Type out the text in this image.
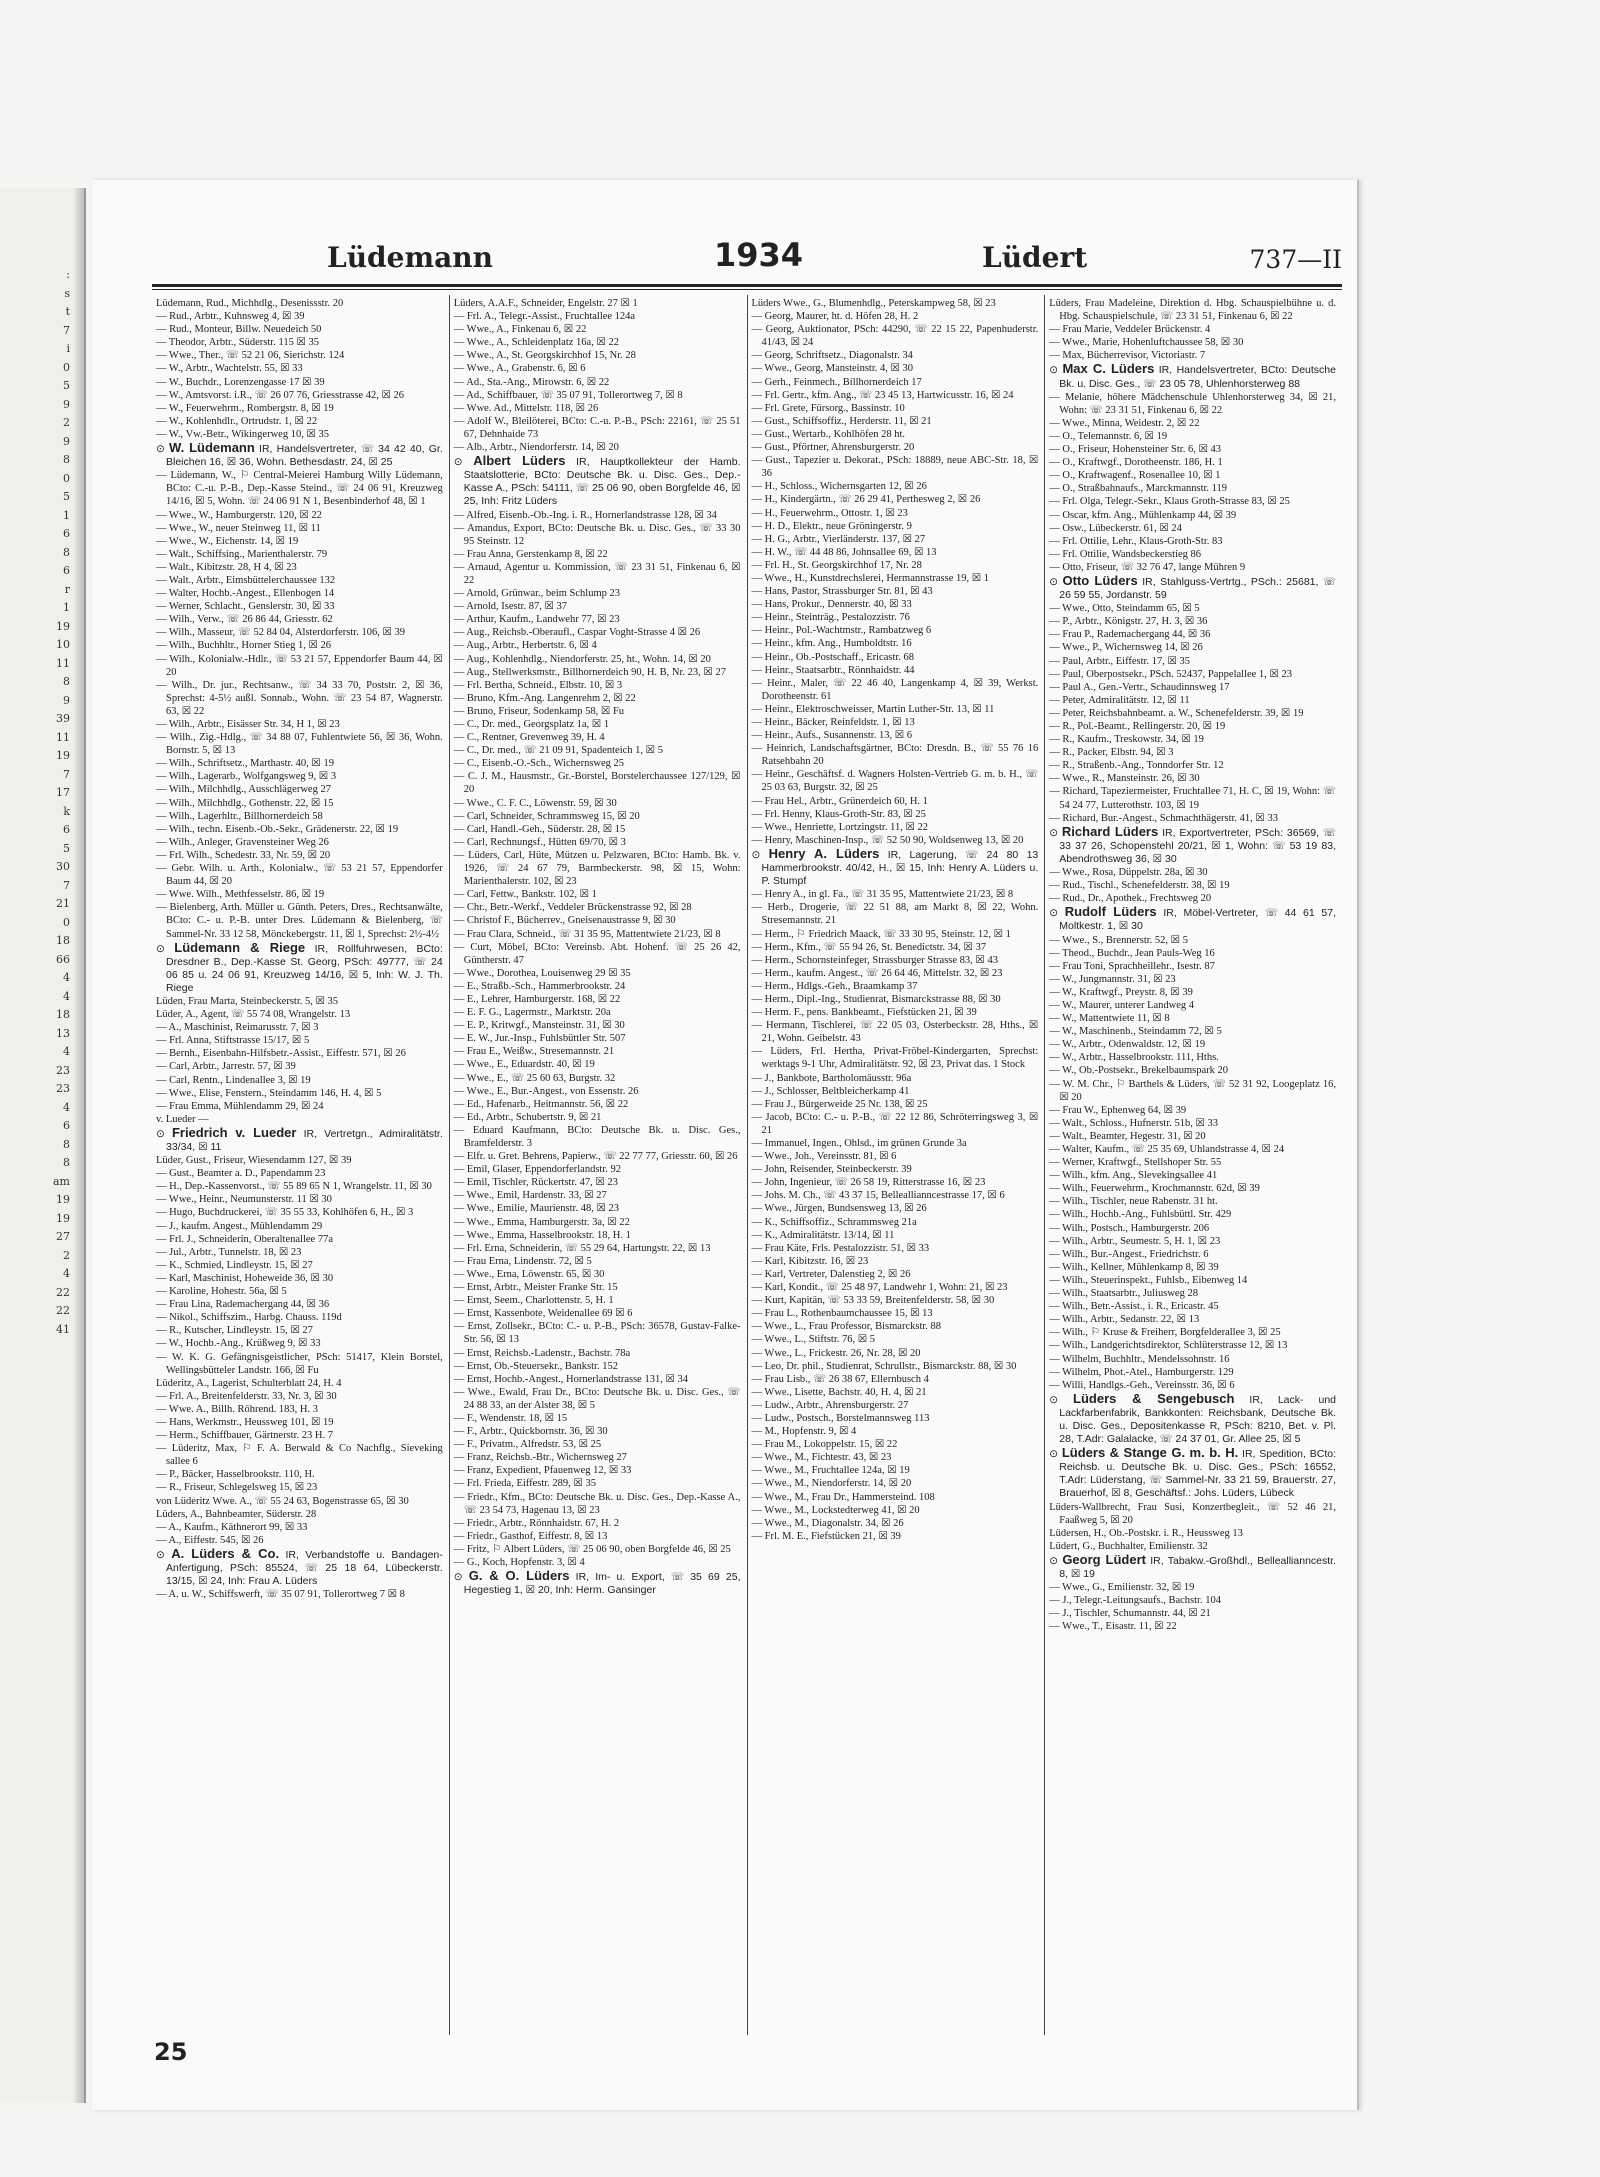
:
s
t
7
i
0
5
9
2
9
8
0
5
1
6
8
6
r
1
19
10
11
8
9
39
11
19
7
17
k
6
5
30
7
21
0
18
66
4
4
18
13
4
23
23
4
6
8
8
am
19
19
27
2
4
22
22
41
Lüdemann	1934	Lüdert	737—II

Lüdemann, Rud., Michhdlg., Desenissstr. 20

— Rud., Arbtr., Kuhnsweg 4, ☒ 39

— Rud., Monteur, Billw. Neuedeich 50

— Theodor, Arbtr., Süderstr. 115 ☒ 35

— Wwe., Ther., ☏ 52 21 06, Sierichstr. 124

— W., Arbtr., Wachtelstr. 55, ☒ 33

— W., Buchdr., Lorenzengasse 17 ☒ 39

— W., Amtsvorst. i.R., ☏ 26 07 76, Griesstrasse 42, ☒ 26

— W., Feuerwehrm., Rombergstr. 8, ☒ 19

— W., Kohlenhdlr., Ortrudstr. 1, ☒ 22

— W., Vw.-Betr., Wikingerweg 10, ☒ 35

⊙ W. Lüdemann IR, Handelsvertreter, ☏ 34 42 40, Gr. Bleichen 16, ☒ 36, Wohn. Bethesdastr. 24, ☒ 25

— Lüdemann, W., ⚐ Central-Meierei Hamburg Willy Lüdemann, BCto: C.-u. P.-B., Dep.-Kasse Steind., ☏ 24 06 91, Kreuzweg 14/16, ☒ 5, Wohn. ☏ 24 06 91 N 1, Besenbinderhof 48, ☒ 1

— Wwe., W., Hamburgerstr. 120, ☒ 22

— Wwe., W., neuer Steinweg 11, ☒ 11

— Wwe., W., Eichenstr. 14, ☒ 19

— Walt., Schiffsing., Marienthalerstr. 79

— Walt., Kibitzstr. 28, H 4, ☒ 23

— Walt., Arbtr., Eimsbüttelerchaussee 132

— Walter, Hochb.-Angest., Ellenbogen 14

— Werner, Schlacht., Genslerstr. 30, ☒ 33

— Wilh., Verw., ☏ 26 86 44, Griesstr. 62

— Wilh., Masseur, ☏ 52 84 04, Alsterdorferstr. 106, ☒ 39

— Wilh., Buchhltr., Horner Stieg 1, ☒ 26

— Wilh., Kolonialw.-Hdlr., ☏ 53 21 57, Eppendorfer Baum 44, ☒ 20

— Wilh., Dr. jur., Rechtsanw., ☏ 34 33 70, Poststr. 2, ☒ 36, Sprechst: 4-5½ außl. Sonnab., Wohn. ☏ 23 54 87, Wagnerstr. 63, ☒ 22

— Wilh., Arbtr., Eisässer Str. 34, H 1, ☒ 23

— Wilh., Zig.-Hdlg., ☏ 34 88 07, Fuhlentwiete 56, ☒ 36, Wohn. Bornstr. 5, ☒ 13

— Wilh., Schriftsetz., Marthastr. 40, ☒ 19

— Wilh., Lagerarb., Wolfgangsweg 9, ☒ 3

— Wilh., Milchhdlg., Ausschlägerweg 27

— Wilh., Milchhdlg., Gothenstr. 22, ☒ 15

— Wilh., Lagerhltr., Billhornerdeich 58

— Wilh., techn. Eisenb.-Ob.-Sekr., Grädenerstr. 22, ☒ 19

— Wilh., Anleger, Gravensteiner Weg 26

— Frl. Wilh., Schedestr. 33, Nr. 59, ☒ 20

— Gebr. Wilh. u. Arth., Kolonialw., ☏ 53 21 57, Eppendorfer Baum 44, ☒ 20

— Wwe. Wilh., Methfesselstr. 86, ☒ 19

— Bielenberg, Arth. Müller u. Günth. Peters, Dres., Rechtsanwälte, BCto: C.- u. P.-B. unter Dres. Lüdemann & Bielenberg, ☏ Sammel-Nr. 33 12 58, Mönckebergstr. 11, ☒ 1, Sprechst: 2½-4½

⊙ Lüdemann & Riege IR, Rollfuhrwesen, BCto: Dresdner B., Dep.-Kasse St. Georg, PSch: 49777, ☏ 24 06 85 u. 24 06 91, Kreuzweg 14/16, ☒ 5, Inh: W. J. Th. Riege

Lüden, Frau Marta, Steinbeckerstr. 5, ☒ 35

Lüder, A., Agent, ☏ 55 74 08, Wrangelstr. 13

— A., Maschinist, Reimarusstr. 7, ☒ 3

— Frl. Anna, Stiftstrasse 15/17, ☒ 5

— Bernh., Eisenbahn-Hilfsbetr.-Assist., Eiffestr. 571, ☒ 26

— Carl, Arbtr., Jarrestr. 57, ☒ 39

— Carl, Rentn., Lindenallee 3, ☒ 19

— Wwe., Elise, Fenstern., Steindamm 146, H. 4, ☒ 5

— Frau Emma, Mühlendamm 29, ☒ 24

v. Lueder —

⊙ Friedrich v. Lueder IR, Vertretgn., Admiralitätstr. 33/34, ☒ 11

Lüder, Gust., Friseur, Wiesendamm 127, ☒ 39

— Gust., Beamter a. D., Papendamm 23

— H., Dep.-Kassenvorst., ☏ 55 89 65 N 1, Wrangelstr. 11, ☒ 30

— Wwe., Heinr., Neumunsterstr. 11 ☒ 30

— Hugo, Buchdruckerei, ☏ 35 55 33, Kohlhöfen 6, H., ☒ 3

— J., kaufm. Angest., Mühlendamm 29

— Frl. J., Schneiderin, Oberaltenallee 77a

— Jul., Arbtr., Tunnelstr. 18, ☒ 23

— K., Schmied, Lindleystr. 15, ☒ 27

— Karl, Maschinist, Hoheweide 36, ☒ 30

— Karoline, Hohestr. 56a, ☒ 5

— Frau Lina, Rademachergang 44, ☒ 36

— Nikol., Schiffszim., Harbg. Chauss. 119d

— R., Kutscher, Lindleystr. 15, ☒ 27

— W., Hochb.-Ang., Krüßweg 9, ☒ 33

— W. K. G. Gefängnisgeistlicher, PSch: 51417, Klein Borstel, Wellingsbütteler Landstr. 166, ☒ Fu

Lüderitz, A., Lagerist, Schulterblatt 24, H. 4

— Frl. A., Breitenfelderstr. 33, Nr. 3, ☒ 30

— Wwe. A., Billh. Röhrend. 183, H. 3

— Hans, Werkmstr., Heussweg 101, ☒ 19

— Herm., Schiffbauer, Gärtnerstr. 23 H. 7

— Lüderitz, Max, ⚐ F. A. Berwald & Co Nachflg., Sieveking sallee 6

— P., Bäcker, Hasselbrookstr. 110, H.

— R., Friseur, Schlegelsweg 15, ☒ 23

von Lüderitz Wwe. A., ☏ 55 24 63, Bogenstrasse 65, ☒ 30

Lüders, A., Bahnbeamter, Süderstr. 28

— A., Kaufm., Käthnerort 99, ☒ 33

— A., Eiffestr. 545, ☒ 26

⊙ A. Lüders & Co. IR, Verbandstoffe u. Bandagen-Anfertigung, PSch: 85524, ☏ 25 18 64, Lübeckerstr. 13/15, ☒ 24, Inh: Frau A. Lüders

— A. u. W., Schiffswerft, ☏ 35 07 91, Tollerortweg 7 ☒ 8

Lüders, A.A.F., Schneider, Engelstr. 27 ☒ 1

— Frl. A., Telegr.-Assist., Fruchtallee 124a

— Wwe., A., Finkenau 6, ☒ 22

— Wwe., A., Schleidenplatz 16a, ☒ 22

— Wwe., A., St. Georgskirchhof 15, Nr. 28

— Wwe., A., Grabenstr. 6, ☒ 6

— Ad., Sta.-Ang., Mirowstr. 6, ☒ 22

— Ad., Schiffbauer, ☏ 35 07 91, Tollerortweg 7, ☒ 8

— Wwe. Ad., Mittelstr. 118, ☒ 26

— Adolf W., Bleilöterei, BCto: C.-u. P.-B., PSch: 22161, ☏ 25 51 67, Dehnhaide 73

— Alb., Arbtr., Niendorferstr. 14, ☒ 20

⊙ Albert Lüders IR, Hauptkollekteur der Hamb. Staatslotterie, BCto: Deutsche Bk. u. Disc. Ges., Dep.-Kasse A., PSch: 54111, ☏ 25 06 90, oben Borgfelde 46, ☒ 25, Inh: Fritz Lüders

— Alfred, Eisenb.-Ob.-Ing. i. R., Hornerlandstrasse 128, ☒ 34

— Amandus, Export, BCto: Deutsche Bk. u. Disc. Ges., ☏ 33 30 95 Steinstr. 12

— Frau Anna, Gerstenkamp 8, ☒ 22

— Arnaud, Agentur u. Kommission, ☏ 23 31 51, Finkenau 6, ☒ 22

— Arnold, Grünwar., beim Schlump 23

— Arnold, Isestr. 87, ☒ 37

— Arthur, Kaufm., Landwehr 77, ☒ 23

— Aug., Reichsb.-Oberaufl., Caspar Voght-Strasse 4 ☒ 26

— Aug., Arbtr., Herbertstr. 6, ☒ 4

— Aug., Kohlenhdlg., Niendorferstr. 25, ht., Wohn. 14, ☒ 20

— Aug., Stellwerksmstr., Billhornerdeich 90, H. B, Nr. 23, ☒ 27

— Frl. Bertha, Schneid., Elbstr. 10, ☒ 3

— Bruno, Kfm.-Ang. Langenrehm 2, ☒ 22

— Bruno, Friseur, Sodenkamp 58, ☒ Fu

— C., Dr. med., Georgsplatz 1a, ☒ 1

— C., Rentner, Grevenweg 39, H. 4

— C., Dr. med., ☏ 21 09 91, Spadenteich 1, ☒ 5

— C., Eisenb.-O.-Sch., Wichernsweg 25

— C. J. M., Hausmstr., Gr.-Borstel, Borstelerchaussee 127/129, ☒ 20

— Wwe., C. F. C., Löwenstr. 59, ☒ 30

— Carl, Schneider, Schrammsweg 15, ☒ 20

— Carl, Handl.-Geh., Süderstr. 28, ☒ 15

— Carl, Rechnungsf., Hütten 69/70, ☒ 3

— Lüders, Carl, Hüte, Mützen u. Pelzwaren, BCto: Hamb. Bk. v. 1926, ☏ 24 67 79, Barmbeckerstr. 98, ☒ 15, Wohn: Marienthalerstr. 102, ☒ 23

— Carl, Fettw., Bankstr. 102, ☒ 1

— Chr., Betr.-Werkf., Veddeler Brückenstrasse 92, ☒ 28

— Christof F., Bücherrev., Gneisenaustrasse 9, ☒ 30

— Frau Clara, Schneid., ☏ 31 35 95, Mattentwiete 21/23, ☒ 8

— Curt, Möbel, BCto: Vereinsb. Abt. Hohenf. ☏ 25 26 42, Güntherstr. 47

— Wwe., Dorothea, Louisenweg 29 ☒ 35

— E., Straßb.-Sch., Hammerbrookstr. 24

— E., Lehrer, Hamburgerstr. 168, ☒ 22

— E. F. G., Lagermstr., Marktstr. 20a

— E. P., Kritwgf., Mansteinstr. 31, ☒ 30

— E. W., Jur.-Insp., Fuhlsbüttler Str. 507

— Frau E., Weißw., Stresemannstr. 21

— Wwe., E., Eduardstr. 40, ☒ 19

— Wwe., E., ☏ 25 60 63, Burgstr. 32

— Wwe., E., Bur.-Angest., von Essenstr. 26

— Ed., Hafenarb., Heitmannstr. 56, ☒ 22

— Ed., Arbtr., Schubertstr. 9, ☒ 21

— Eduard Kaufmann, BCto: Deutsche Bk. u. Disc. Ges., Bramfelderstr. 3

— Elfr. u. Gret. Behrens, Papierw., ☏ 22 77 77, Griesstr. 60, ☒ 26

— Emil, Glaser, Eppendorferlandstr. 92

— Emil, Tischler, Rückertstr. 47, ☒ 23

— Wwe., Emil, Hardenstr. 33, ☒ 27

— Wwe., Emilie, Maurienstr. 48, ☒ 23

— Wwe., Emma, Hamburgerstr. 3a, ☒ 22

— Wwe., Emma, Hasselbrookstr. 18, H. 1

— Frl. Erna, Schneiderin, ☏ 55 29 64, Hartungstr. 22, ☒ 13

— Frau Erna, Lindenstr. 72, ☒ 5

— Wwe., Erna, Löwenstr. 65, ☒ 30

— Ernst, Arbtr., Meister Franke Str. 15

— Ernst, Seem., Charlottenstr. 5, H. 1

— Ernst, Kassenbote, Weidenallee 69 ☒ 6

— Ernst, Zollsekr., BCto: C.- u. P.-B., PSch: 36578, Gustav-Falke-Str. 56, ☒ 13

— Ernst, Reichsb.-Ladenstr., Bachstr. 78a

— Ernst, Ob.-Steuersekr., Bankstr. 152

— Ernst, Hochb.-Angest., Hornerlandstrasse 131, ☒ 34

— Wwe., Ewald, Frau Dr., BCto: Deutsche Bk. u. Disc. Ges., ☏ 24 88 33, an der Alster 38, ☒ 5

— F., Wendenstr. 18, ☒ 15

— F., Arbtr., Quickbornstr. 36, ☒ 30

— F., Privatm., Alfredstr. 53, ☒ 25

— Franz, Reichsb.-Btr., Wichernsweg 27

— Franz, Expedient, Pfauenweg 12, ☒ 33

— Frl. Frieda, Eiffestr. 289, ☒ 35

— Friedr., Kfm., BCto: Deutsche Bk. u. Disc. Ges., Dep.-Kasse A., ☏ 23 54 73, Hagenau 13, ☒ 23

— Friedr., Arbtr., Rönnhaidstr. 67, H. 2

— Friedr., Gasthof, Eiffestr. 8, ☒ 13

— Fritz, ⚐ Albert Lüders, ☏ 25 06 90, oben Borgfelde 46, ☒ 25

— G., Koch, Hopfenstr. 3, ☒ 4

⊙ G. & O. Lüders IR, Im- u. Export, ☏ 35 69 25, Hegestieg 1, ☒ 20, Inh: Herm. Gansinger

Lüders Wwe., G., Blumenhdlg., Peterskampweg 58, ☒ 23

— Georg, Maurer, ht. d. Höfen 28, H. 2

— Georg, Auktionator, PSch: 44290, ☏ 22 15 22, Papenhuderstr. 41/43, ☒ 24

— Georg, Schriftsetz., Diagonalstr. 34

— Wwe., Georg, Mansteinstr. 4, ☒ 30

— Gerh., Feinmech., Billhornerdeich 17

— Frl. Gertr., kfm. Ang., ☏ 23 45 13, Hartwicusstr. 16, ☒ 24

— Frl. Grete, Fürsorg., Bassinstr. 10

— Gust., Schiffsoffiz., Herderstr. 11, ☒ 21

— Gust., Wertarb., Kohlhöfen 28 ht.

— Gust., Pförtner, Ahrensburgerstr. 20

— Gust., Tapezier u. Dekorat., PSch: 18889, neue ABC-Str. 18, ☒ 36

— H., Schloss., Wichernsgarten 12, ☒ 26

— H., Kindergärtn., ☏ 26 29 41, Perthesweg 2, ☒ 26

— H., Feuerwehrm., Ottostr. 1, ☒ 23

— H. D., Elektr., neue Gröningerstr. 9

— H. G., Arbtr., Vierländerstr. 137, ☒ 27

— H. W., ☏ 44 48 86, Johnsallee 69, ☒ 13

— Frl. H., St. Georgskirchhof 17, Nr. 28

— Wwe., H., Kunstdrechslerei, Hermannstrasse 19, ☒ 1

— Hans, Pastor, Strassburger Str. 81, ☒ 43

— Hans, Prokur., Dennerstr. 40, ☒ 33

— Heinr., Steinträg., Pestalozzistr. 76

— Heinr., Pol.-Wachtmstr., Rambatzweg 6

— Heinr., kfm. Ang., Humboldtstr. 16

— Heinr., Ob.-Postschaff., Ericastr. 68

— Heinr., Staatsarbtr., Rönnhaidstr. 44

— Heinr., Maler, ☏ 22 46 40, Langenkamp 4, ☒ 39, Werkst. Dorotheenstr. 61

— Heinr., Elektroschweisser, Martin Luther-Str. 13, ☒ 11

— Heinr., Bäcker, Reinfeldstr. 1, ☒ 13

— Heinr., Aufs., Susannenstr. 13, ☒ 6

— Heinrich, Landschaftsgärtner, BCto: Dresdn. B., ☏ 55 76 16 Ratsehbahn 20

— Heinr., Geschäftsf. d. Wagners Holsten-Vertrieb G. m. b. H., ☏ 25 03 63, Burgstr. 32, ☒ 25

— Frau Hel., Arbtr., Grünerdeich 60, H. 1

— Frl. Henny, Klaus-Groth-Str. 83, ☒ 25

— Wwe., Henriette, Lortzingstr. 11, ☒ 22

— Henry, Maschinen-Insp., ☏ 52 50 90, Woldsenweg 13, ☒ 20

⊙ Henry A. Lüders IR, Lagerung, ☏ 24 80 13 Hammerbrookstr. 40/42, H., ☒ 15, Inh: Henry A. Lüders u. P. Stumpf

— Henry A., in gl. Fa., ☏ 31 35 95, Mattentwiete 21/23, ☒ 8

— Herb., Drogerie, ☏ 22 51 88, am Markt 8, ☒ 22, Wohn. Stresemannstr. 21

— Herm., ⚐ Friedrich Maack, ☏ 33 30 95, Steinstr. 12, ☒ 1

— Herm., Kfm., ☏ 55 94 26, St. Benedictstr. 34, ☒ 37

— Herm., Schornsteinfeger, Strassburger Strasse 83, ☒ 43

— Herm., kaufm. Angest., ☏ 26 64 46, Mittelstr. 32, ☒ 23

— Herm., Hdlgs.-Geh., Braamkamp 37

— Herm., Dipl.-Ing., Studienrat, Bismarckstrasse 88, ☒ 30

— Herm. F., pens. Bankbeamt., Fiefstücken 21, ☒ 39

— Hermann, Tischlerei, ☏ 22 05 03, Osterbeckstr. 28, Hths., ☒ 21, Wohn. Geibelstr. 43

— Lüders, Frl. Hertha, Privat-Fröbel-Kindergarten, Sprechst: werktags 9-1 Uhr, Admiralitätstr. 92, ☒ 23, Privat das. 1 Stock

— J., Bankbote, Bartholomäusstr. 96a

— J., Schlosser, Beltbleicherkamp 41

— Frau J., Bürgerweide 25 Nr. 138, ☒ 25

— Jacob, BCto: C.- u. P.-B., ☏ 22 12 86, Schröterringsweg 3, ☒ 21

— Immanuel, Ingen., Ohlsd., im grünen Grunde 3a

— Wwe., Joh., Vereinsstr. 81, ☒ 6

— John, Reisender, Steinbeckerstr. 39

— John, Ingenieur, ☏ 26 58 19, Ritterstrasse 16, ☒ 23

— Johs. M. Ch., ☏ 43 37 15, Belleallianncestrasse 17, ☒ 6

— Wwe., Jürgen, Bundsensweg 13, ☒ 26

— K., Schiffsoffiz., Schrammsweg 21a

— K., Admiralitätstr. 13/14, ☒ 11

— Frau Käte, Frls. Pestalozzistr. 51, ☒ 33

— Karl, Kibitzstr. 16, ☒ 23

— Karl, Vertreter, Dalenstieg 2, ☒ 26

— Karl, Kondit., ☏ 25 48 97, Landwehr 1, Wohn: 21, ☒ 23

— Kurt, Kapitän, ☏ 53 33 59, Breitenfelderstr. 58, ☒ 30

— Frau L., Rothenbaumchaussee 15, ☒ 13

— Wwe., L., Frau Professor, Bismarckstr. 88

— Wwe., L., Stiftstr. 76, ☒ 5

— Wwe., L., Frickestr. 26, Nr. 28, ☒ 20

— Leo, Dr. phil., Studienrat, Schrullstr., Bismarckstr. 88, ☒ 30

— Frau Lisb., ☏ 26 38 67, Ellernbusch 4

— Wwe., Lisette, Bachstr. 40, H. 4, ☒ 21

— Ludw., Arbtr., Ahrensburgerstr. 27

— Ludw., Postsch., Borstelmannsweg 113

— M., Hopfenstr. 9, ☒ 4

— Frau M., Lokoppelstr. 15, ☒ 22

— Wwe., M., Fichtestr. 43, ☒ 23

— Wwe., M., Fruchtallee 124a, ☒ 19

— Wwe., M., Niendorferstr. 14, ☒ 20

— Wwe., M., Frau Dr., Hammersteind. 108

— Wwe., M., Lockstedterweg 41, ☒ 20

— Wwe., M., Diagonalstr. 34, ☒ 26

— Frl. M. E., Fiefstücken 21, ☒ 39

Lüders, Frau Madeleine, Direktion d. Hbg. Schauspielbühne u. d. Hbg. Schauspielschule, ☏ 23 31 51, Finkenau 6, ☒ 22

— Frau Marie, Veddeler Brückenstr. 4

— Wwe., Marie, Hohenluftchaussee 58, ☒ 30

— Max, Bücherrevisor, Victoriastr. 7

⊙ Max C. Lüders IR, Handelsvertreter, BCto: Deutsche Bk. u. Disc. Ges., ☏ 23 05 78, Uhlenhorsterweg 88

— Melanie, höhere Mädchenschule Uhlenhorsterweg 34, ☒ 21, Wohn: ☏ 23 31 51, Finkenau 6, ☒ 22

— Wwe., Minna, Weidestr. 2, ☒ 22

— O., Telemannstr. 6, ☒ 19

— O., Friseur, Hohensteiner Str. 6, ☒ 43

— O., Kraftwgf., Dorotheenstr. 186, H. 1

— O., Kraftwagenf., Rosenallee 10, ☒ 1

— O., Straßbahnaufs., Marckmannstr. 119

— Frl. Olga, Telegr.-Sekr., Klaus Groth-Strasse 83, ☒ 25

— Oscar, kfm. Ang., Mühlenkamp 44, ☒ 39

— Osw., Lübeckerstr. 61, ☒ 24

— Frl. Ottilie, Lehr., Klaus-Groth-Str. 83

— Frl. Ottilie, Wandsbeckerstieg 86

— Otto, Friseur, ☏ 32 76 47, lange Mühren 9

⊙ Otto Lüders IR, Stahlguss-Vertrtg., PSch.: 25681, ☏ 26 59 55, Jordanstr. 59

— Wwe., Otto, Steindamm 65, ☒ 5

— P., Arbtr., Königstr. 27, H. 3, ☒ 36

— Frau P., Rademachergang 44, ☒ 36

— Wwe., P., Wichernsweg 14, ☒ 26

— Paul, Arbtr., Eiffestr. 17, ☒ 35

— Paul, Oberpostsekr., PSch. 52437, Pappelallee 1, ☒ 23

— Paul A., Gen.-Vertr., Schaudinnsweg 17

— Peter, Admiralitätstr. 12, ☒ 11

— Peter, Reichsbahnbeamt. a. W., Schenefelderstr. 39, ☒ 19

— R., Pol.-Beamt., Rellingerstr. 20, ☒ 19

— R., Kaufm., Treskowstr. 34, ☒ 19

— R., Packer, Elbstr. 94, ☒ 3

— R., Straßenb.-Ang., Tonndorfer Str. 12

— Wwe., R., Mansteinstr. 26, ☒ 30

— Richard, Tapeziermeister, Fruchtallee 71, H. C, ☒ 19, Wohn: ☏ 54 24 77, Lutterothstr. 103, ☒ 19

— Richard, Bur.-Angest., Schmachthägerstr. 41, ☒ 33

⊙ Richard Lüders IR, Exportvertreter, PSch: 36569, ☏ 33 37 26, Schopenstehl 20/21, ☒ 1, Wohn: ☏ 53 19 83, Abendrothsweg 36, ☒ 30

— Wwe., Rosa, Düppelstr. 28a, ☒ 30

— Rud., Tischl., Schenefelderstr. 38, ☒ 19

— Rud., Dr., Apothek., Frechtsweg 20

⊙ Rudolf Lüders IR, Möbel-Vertreter, ☏ 44 61 57, Moltkestr. 1, ☒ 30

— Wwe., S., Brennerstr. 52, ☒ 5

— Theod., Buchdr., Jean Pauls-Weg 16

— Frau Toni, Sprachheillehr., Isestr. 87

— W., Jungmannstr. 31, ☒ 23

— W., Kraftwgf., Preystr. 8, ☒ 39

— W., Maurer, unterer Landweg 4

— W., Mattentwiete 11, ☒ 8

— W., Maschinenb., Steindamm 72, ☒ 5

— W., Arbtr., Odenwaldstr. 12, ☒ 19

— W., Arbtr., Hasselbrookstr. 111, Hths.

— W., Ob.-Postsekr., Brekelbaumspark 20

— W. M. Chr., ⚐ Barthels & Lüders, ☏ 52 31 92, Loogeplatz 16, ☒ 20

— Frau W., Ephenweg 64, ☒ 39

— Walt., Schloss., Hufnerstr. 51b, ☒ 33

— Walt., Beamter, Hegestr. 31, ☒ 20

— Walter, Kaufm., ☏ 25 35 69, Uhlandstrasse 4, ☒ 24

— Werner, Kraftwgf., Stellshoper Str. 55

— Wilh., kfm. Ang., Slevekingsallee 41

— Wilh., Feuerwehrm., Krochmannstr. 62d, ☒ 39

— Wilh., Tischler, neue Rabenstr. 31 ht.

— Wilh., Hochb.-Ang., Fuhlsbüttl. Str. 429

— Wilh., Postsch., Hamburgerstr. 206

— Wilh., Arbtr., Seumestr. 5, H. 1, ☒ 23

— Wilh., Bur.-Angest., Friedrichstr. 6

— Wilh., Kellner, Mühlenkamp 8, ☒ 39

— Wilh., Steuerinspekt., Fuhlsb., Eibenweg 14

— Wilh., Staatsarbtr., Juliusweg 28

— Wilh., Betr.-Assist., i. R., Ericastr. 45

— Wilh., Arbtr., Sedanstr. 22, ☒ 13

— Wilh., ⚐ Kruse & Freiherr, Borgfelderallee 3, ☒ 25

— Wilh., Landgerichtsdirektor, Schlüterstrasse 12, ☒ 13

— Wilhelm, Buchhltr., Mendelssohnstr. 16

— Wilhelm, Phot.-Atel., Hamburgerstr. 129

— Willi, Handlgs.-Geh., Vereinsstr. 36, ☒ 6

⊙ Lüders & Sengebusch IR, Lack- und Lackfarbenfabrik, Bankkonten: Reichsbank, Deutsche Bk. u. Disc. Ges., Depositenkasse R, PSch: 8210, Bet. v. Pl. 28, T.Adr: Galalacke, ☏ 24 37 01, Gr. Allee 25, ☒ 5

⊙ Lüders & Stange G. m. b. H. IR, Spedition, BCto: Reichsb. u. Deutsche Bk. u. Disc. Ges., PSch: 16552, T.Adr: Lüderstang, ☏ Sammel-Nr. 33 21 59, Brauerstr. 27, Brauerhof, ☒ 8, Geschäftsf.: Johs. Lüders, Lübeck

Lüders-Wallbrecht, Frau Susi, Konzertbegleit., ☏ 52 46 21, Faaßweg 5, ☒ 20

Lüdersen, H., Ob.-Postskr. i. R., Heussweg 13

Lüdert, G., Buchhalter, Emilienstr. 32

⊙ Georg Lüdert IR, Tabakw.-Großhdl., Belleallianncestr. 8, ☒ 19

— Wwe., G., Emilienstr. 32, ☒ 19

— J., Telegr.-Leitungsaufs., Bachstr. 104

— J., Tischler, Schumannstr. 44, ☒ 21

— Wwe., T., Eisastr. 11, ☒ 22

25
